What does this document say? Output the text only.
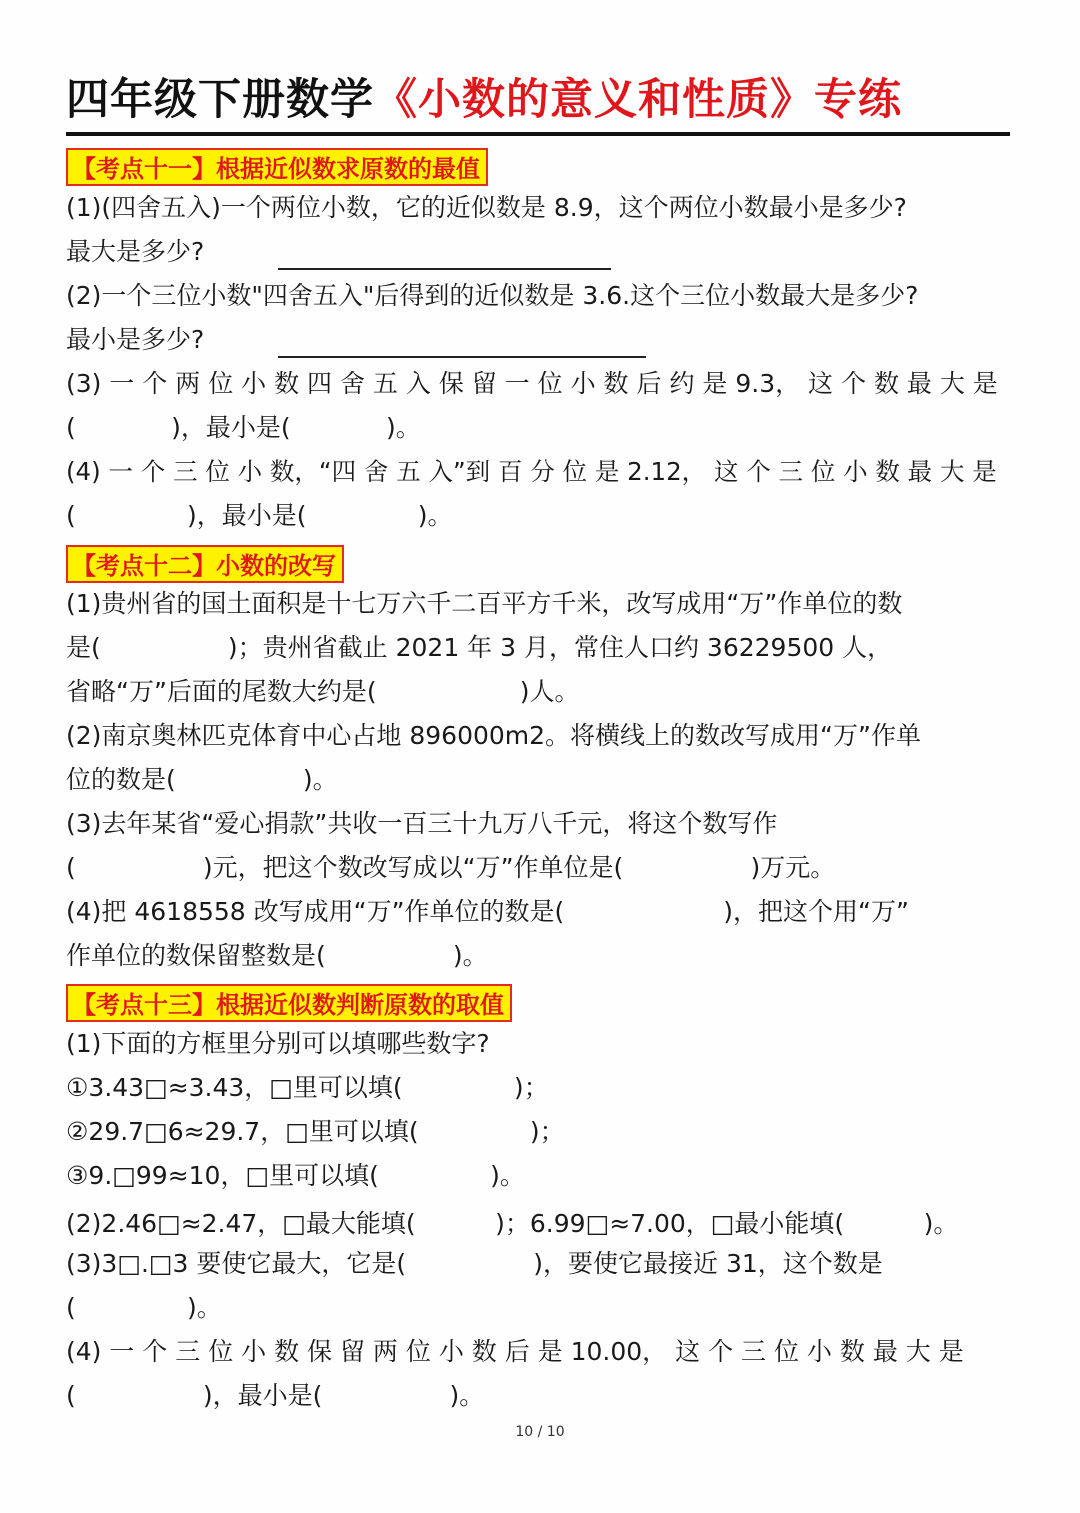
四年级下册数学《小数的意义和性质》专练
【考点十一】根据近似数求原数的最值
(1)(四舍五入)一个两位小数，它的近似数是 8.9，这个两位小数最小是多少?
最大是多少?
(2)一个三位小数"四舍五入"后得到的近似数是 3.6.这个三位小数最大是多少?
最小是多少?
(3) 一 个 两 位 小 数 四 舍 五 入 保 留 一 位 小 数 后 约 是 9.3， 这 个 数 最 大 是
(            )，最小是(            )。
(4) 一 个 三 位 小 数，“四 舍 五 入”到 百 分 位 是 2.12， 这 个 三 位 小 数 最 大 是
(              )，最小是(              )。
【考点十二】小数的改写
(1)贵州省的国土面积是十七万六千二百平方千米，改写成用“万”作单位的数
是(                )；贵州省截止 2021 年 3 月，常住人口约 36229500 人，
省略“万”后面的尾数大约是(                  )人。
(2)南京奥林匹克体育中心占地 896000m2。将横线上的数改写成用“万”作单
位的数是(                )。
(3)去年某省“爱心捐款”共收一百三十九万八千元，将这个数写作
(                )元，把这个数改写成以“万”作单位是(                )万元。
(4)把 4618558 改写成用“万”作单位的数是(                    )，把这个用“万”
作单位的数保留整数是(                )。
【考点十三】根据近似数判断原数的取值
(1)下面的方框里分别可以填哪些数字?
①3.43□≈3.43，□里可以填(              )；
②29.7□6≈29.7，□里可以填(              )；
③9.□99≈10，□里可以填(              )。
(2)2.46□≈2.47，□最大能填(          )；6.99□≈7.00，□最小能填(          )。
(3)3□.□3 要使它最大，它是(                )，要使它最接近 31，这个数是
(              )。
(4) 一 个 三 位 小 数 保 留 两 位 小 数 后 是 10.00， 这 个 三 位 小 数 最 大 是
(                )，最小是(                )。
10 / 10
